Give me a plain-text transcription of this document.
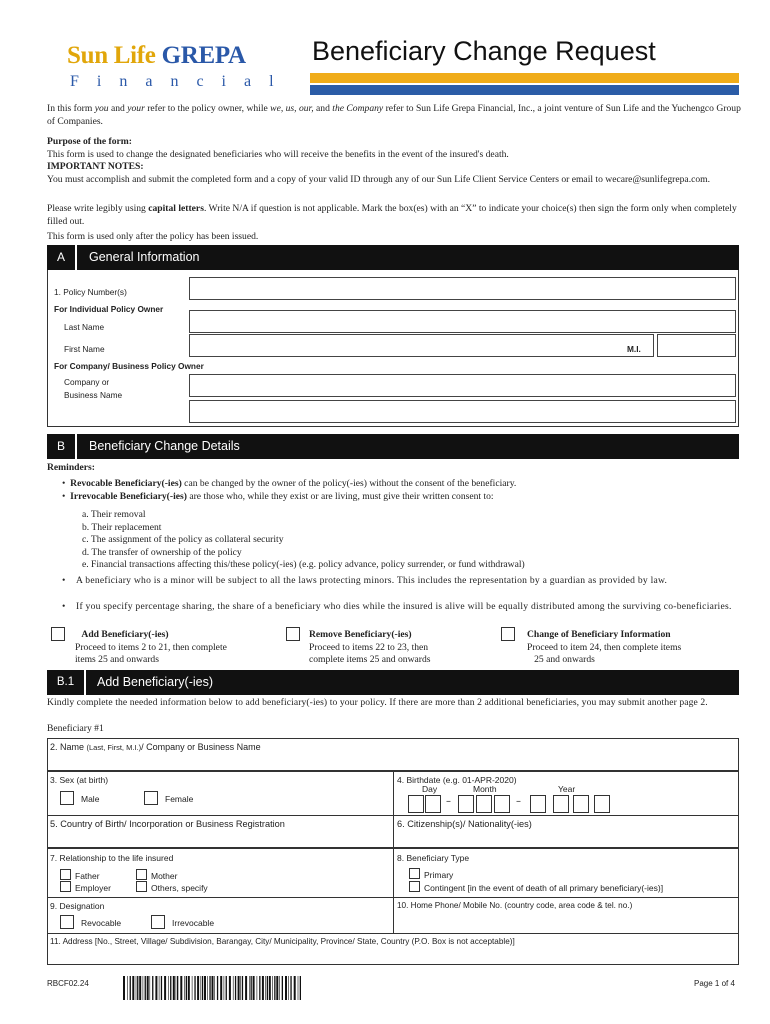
Sun Life GREPA
Financial
Beneficiary Change Request
In this form you and your refer to the policy owner, while we, us, our, and the Company refer to Sun Life Grepa Financial, Inc., a joint venture of Sun Life and the Yuchengco Group of Companies.
Purpose of the form:
This form is used to change the designated beneficiaries who will receive the benefits in the event of the insured's death.
IMPORTANT NOTES:
You must accomplish and submit the completed form and a copy of your valid ID through any of our Sun Life Client Service Centers or email to wecare@sunlifegrepa.com.
Please write legibly using capital letters. Write N/A if question is not applicable. Mark the box(es) with an “X” to indicate your choice(s) then sign the form only when completely filled out.
This form is used only after the policy has been issued.
A	General Information
1. Policy Number(s)
For Individual Policy Owner
Last Name
First Name	M.I.
For Company/ Business Policy Owner
Company or
Business Name
B	Beneficiary Change Details
Reminders:
•  Revocable Beneficiary(-ies) can be changed by the owner of the policy(-ies) without the consent of the beneficiary.
•  Irrevocable Beneficiary(-ies) are those who, while they exist or are living, must give their written consent to:
a. Their removal
b. Their replacement
c. The assignment of the policy as collateral security
d. The transfer of ownership of the policy
e. Financial transactions affecting this/these policy(-ies) (e.g. policy advance, policy surrender, or fund withdrawal)
•	A beneficiary who is a minor will be subject to all the laws protecting minors. This includes the representation by a guardian as provided by law.
•	If you specify percentage sharing, the share of a beneficiary who dies while the insured is alive will be equally distributed among the surviving co-beneficiaries.
Add Beneficiary(-ies)
Proceed to items 2 to 21, then complete
items 25 and onwards
Remove Beneficiary(-ies)
Proceed to items 22 to 23, then
complete items 25 and onwards
Change of Beneficiary Information
Proceed to item 24, then complete items
25 and onwards
B.1	Add Beneficiary(-ies)
Kindly complete the needed information below to add beneficiary(-ies) to your policy. If there are more than 2 additional beneficiaries, you may submit another page 2.
Beneficiary #1
2. Name (Last, First, M.I.)/ Company or Business Name
3. Sex (at birth)
Male	Female
4. Birthdate (e.g. 01-APR-2020)
Day	Month	Year
–	–
5. Country of Birth/ Incorporation or Business Registration	6. Citizenship(s)/ Nationality(-ies)
7. Relationship to the life insured
Father	Mother
Employer	Others, specify
8. Beneficiary Type
Primary
Contingent [in the event of death of all primary beneficiary(-ies)]
9. Designation
Revocable	Irrevocable
10. Home Phone/ Mobile No. (country code, area code & tel. no.)
11. Address [No., Street, Village/ Subdivision, Barangay, City/ Municipality, Province/ State, Country (P.O. Box is not acceptable)]
RBCF02.24	Page 1 of 4
